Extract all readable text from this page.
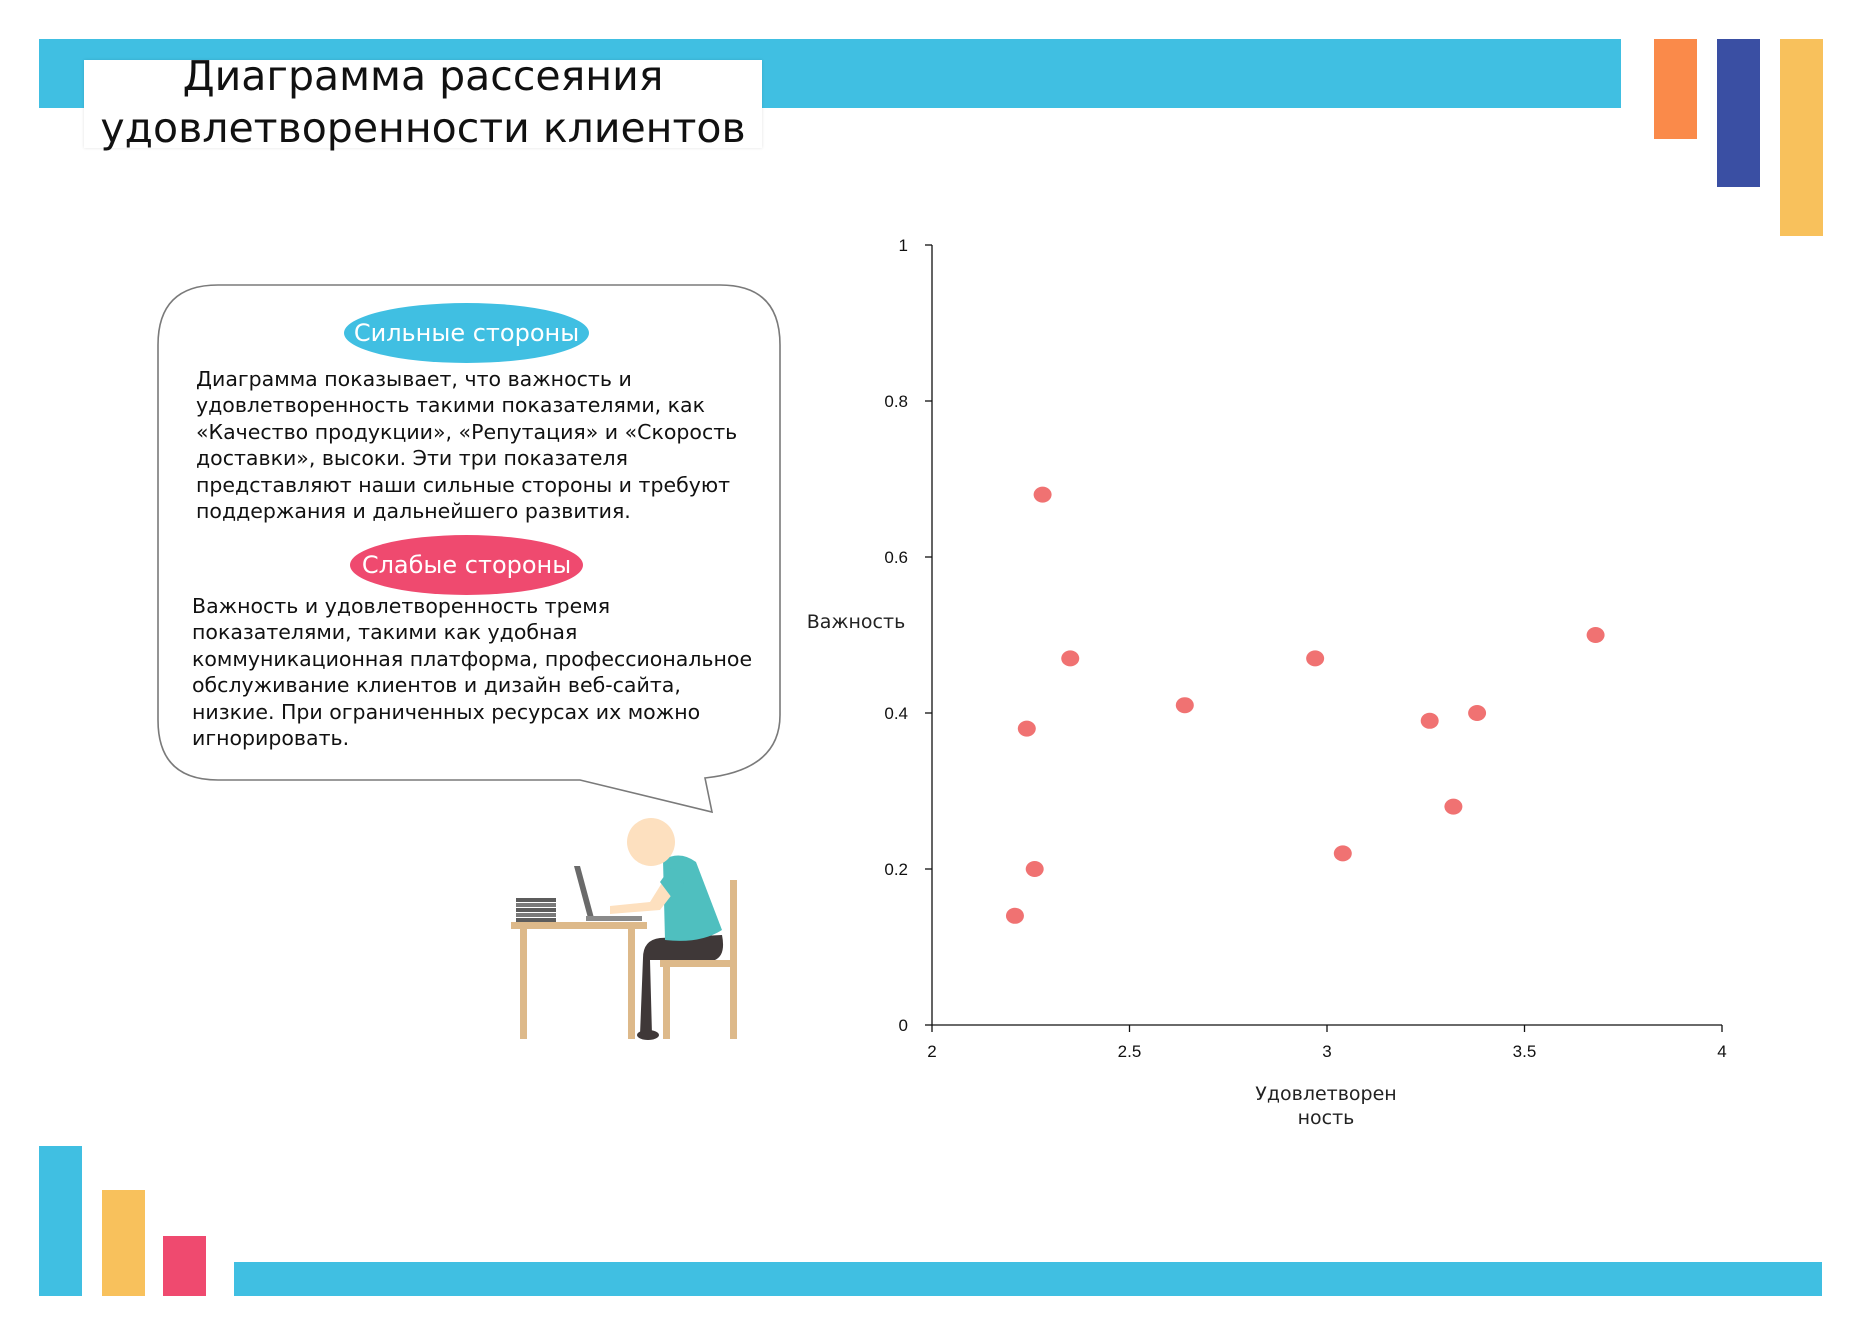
Диаграмма рассеяния
удовлетворенности клиентов
Сильные стороны
Диаграмма показывает, что важность и
удовлетворенность такими показателями, как
«Качество продукции», «Репутация» и «Скорость
доставки», высоки. Эти три показателя
представляют наши сильные стороны и требуют
поддержания и дальнейшего развития.
Слабые стороны
Важность и удовлетворенность тремя
показателями, такими как удобная
коммуникационная платформа, профессиональное
обслуживание клиентов и дизайн веб-сайта,
низкие. При ограниченных ресурсах их можно
игнорировать.
0
0.2
0.4
0.6
0.8
1
2	2.5	3	3.5	4
Важность
Удовлетворен
ность
